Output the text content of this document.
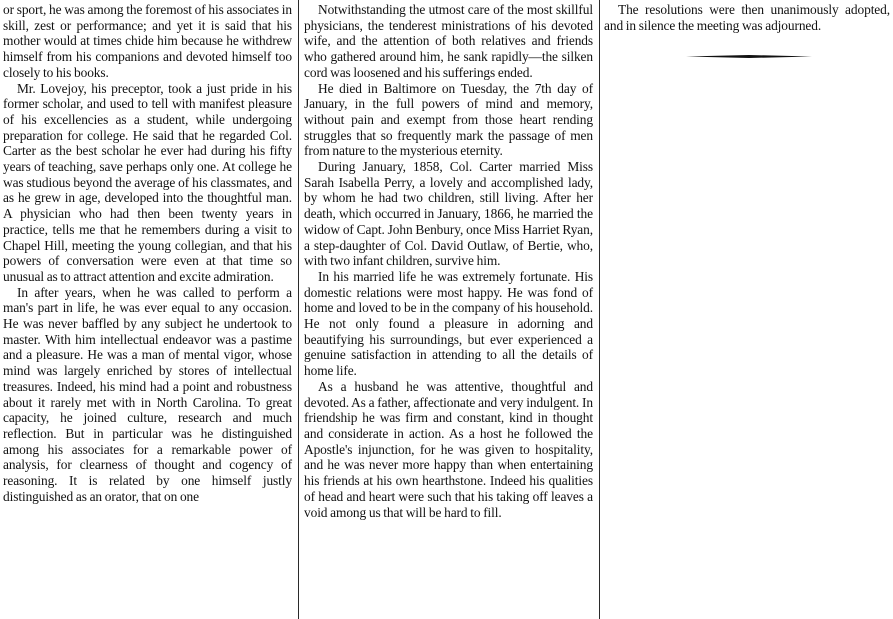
or sport, he was among the foremost of his associates in skill, zest or performance; and yet it is said that his mother would at times chide him because he withdrew himself from his companions and devoted himself too closely to his books.

Mr. Lovejoy, his preceptor, took a just pride in his former scholar, and used to tell with manifest pleasure of his excellencies as a student, while undergoing preparation for college. He said that he regarded Col. Carter as the best scholar he ever had during his fifty years of teaching, save perhaps only one. At college he was studious beyond the average of his classmates, and as he grew in age, developed into the thoughtful man. A physician who had then been twenty years in practice, tells me that he remembers during a visit to Chapel Hill, meeting the young collegian, and that his powers of conversation were even at that time so unusual as to attract attention and excite admiration.

In after years, when he was called to perform a man's part in life, he was ever equal to any occasion. He was never baffled by any subject he undertook to master. With him intellectual endeavor was a pastime and a pleasure. He was a man of mental vigor, whose mind was largely enriched by stores of intellectual treasures. Indeed, his mind had a point and robustness about it rarely met with in North Carolina. To great capacity, he joined culture, research and much reflection. But in particular was he distinguished among his associates for a remarkable power of analysis, for clearness of thought and cogency of reasoning. It is related by one himself justly distinguished as an orator, that on one

Notwithstanding the utmost care of the most skillful physicians, the tenderest ministrations of his devoted wife, and the attention of both relatives and friends who gathered around him, he sank rapidly—the silken cord was loosened and his sufferings ended.

He died in Baltimore on Tuesday, the 7th day of January, in the full powers of mind and memory, without pain and exempt from those heart rending struggles that so frequently mark the passage of men from nature to the mysterious eternity.

During January, 1858, Col. Carter married Miss Sarah Isabella Perry, a lovely and accomplished lady, by whom he had two children, still living. After her death, which occurred in January, 1866, he married the widow of Capt. John Benbury, once Miss Harriet Ryan, a step-daughter of Col. David Outlaw, of Bertie, who, with two infant children, survive him.

In his married life he was extremely fortunate. His domestic relations were most happy. He was fond of home and loved to be in the company of his household. He not only found a pleasure in adorning and beautifying his surroundings, but ever experienced a genuine satisfaction in attending to all the details of home life.

As a husband he was attentive, thoughtful and devoted. As a father, affectionate and very indulgent. In friendship he was firm and constant, kind in thought and considerate in action. As a host he followed the Apostle's injunction, for he was given to hospitality, and he was never more happy than when entertaining his friends at his own hearthstone. Indeed his qualities of head and heart were such that his taking off leaves a void among us that will be hard to fill.

The resolutions were then unanimously adopted, and in silence the meeting was adjourned.
